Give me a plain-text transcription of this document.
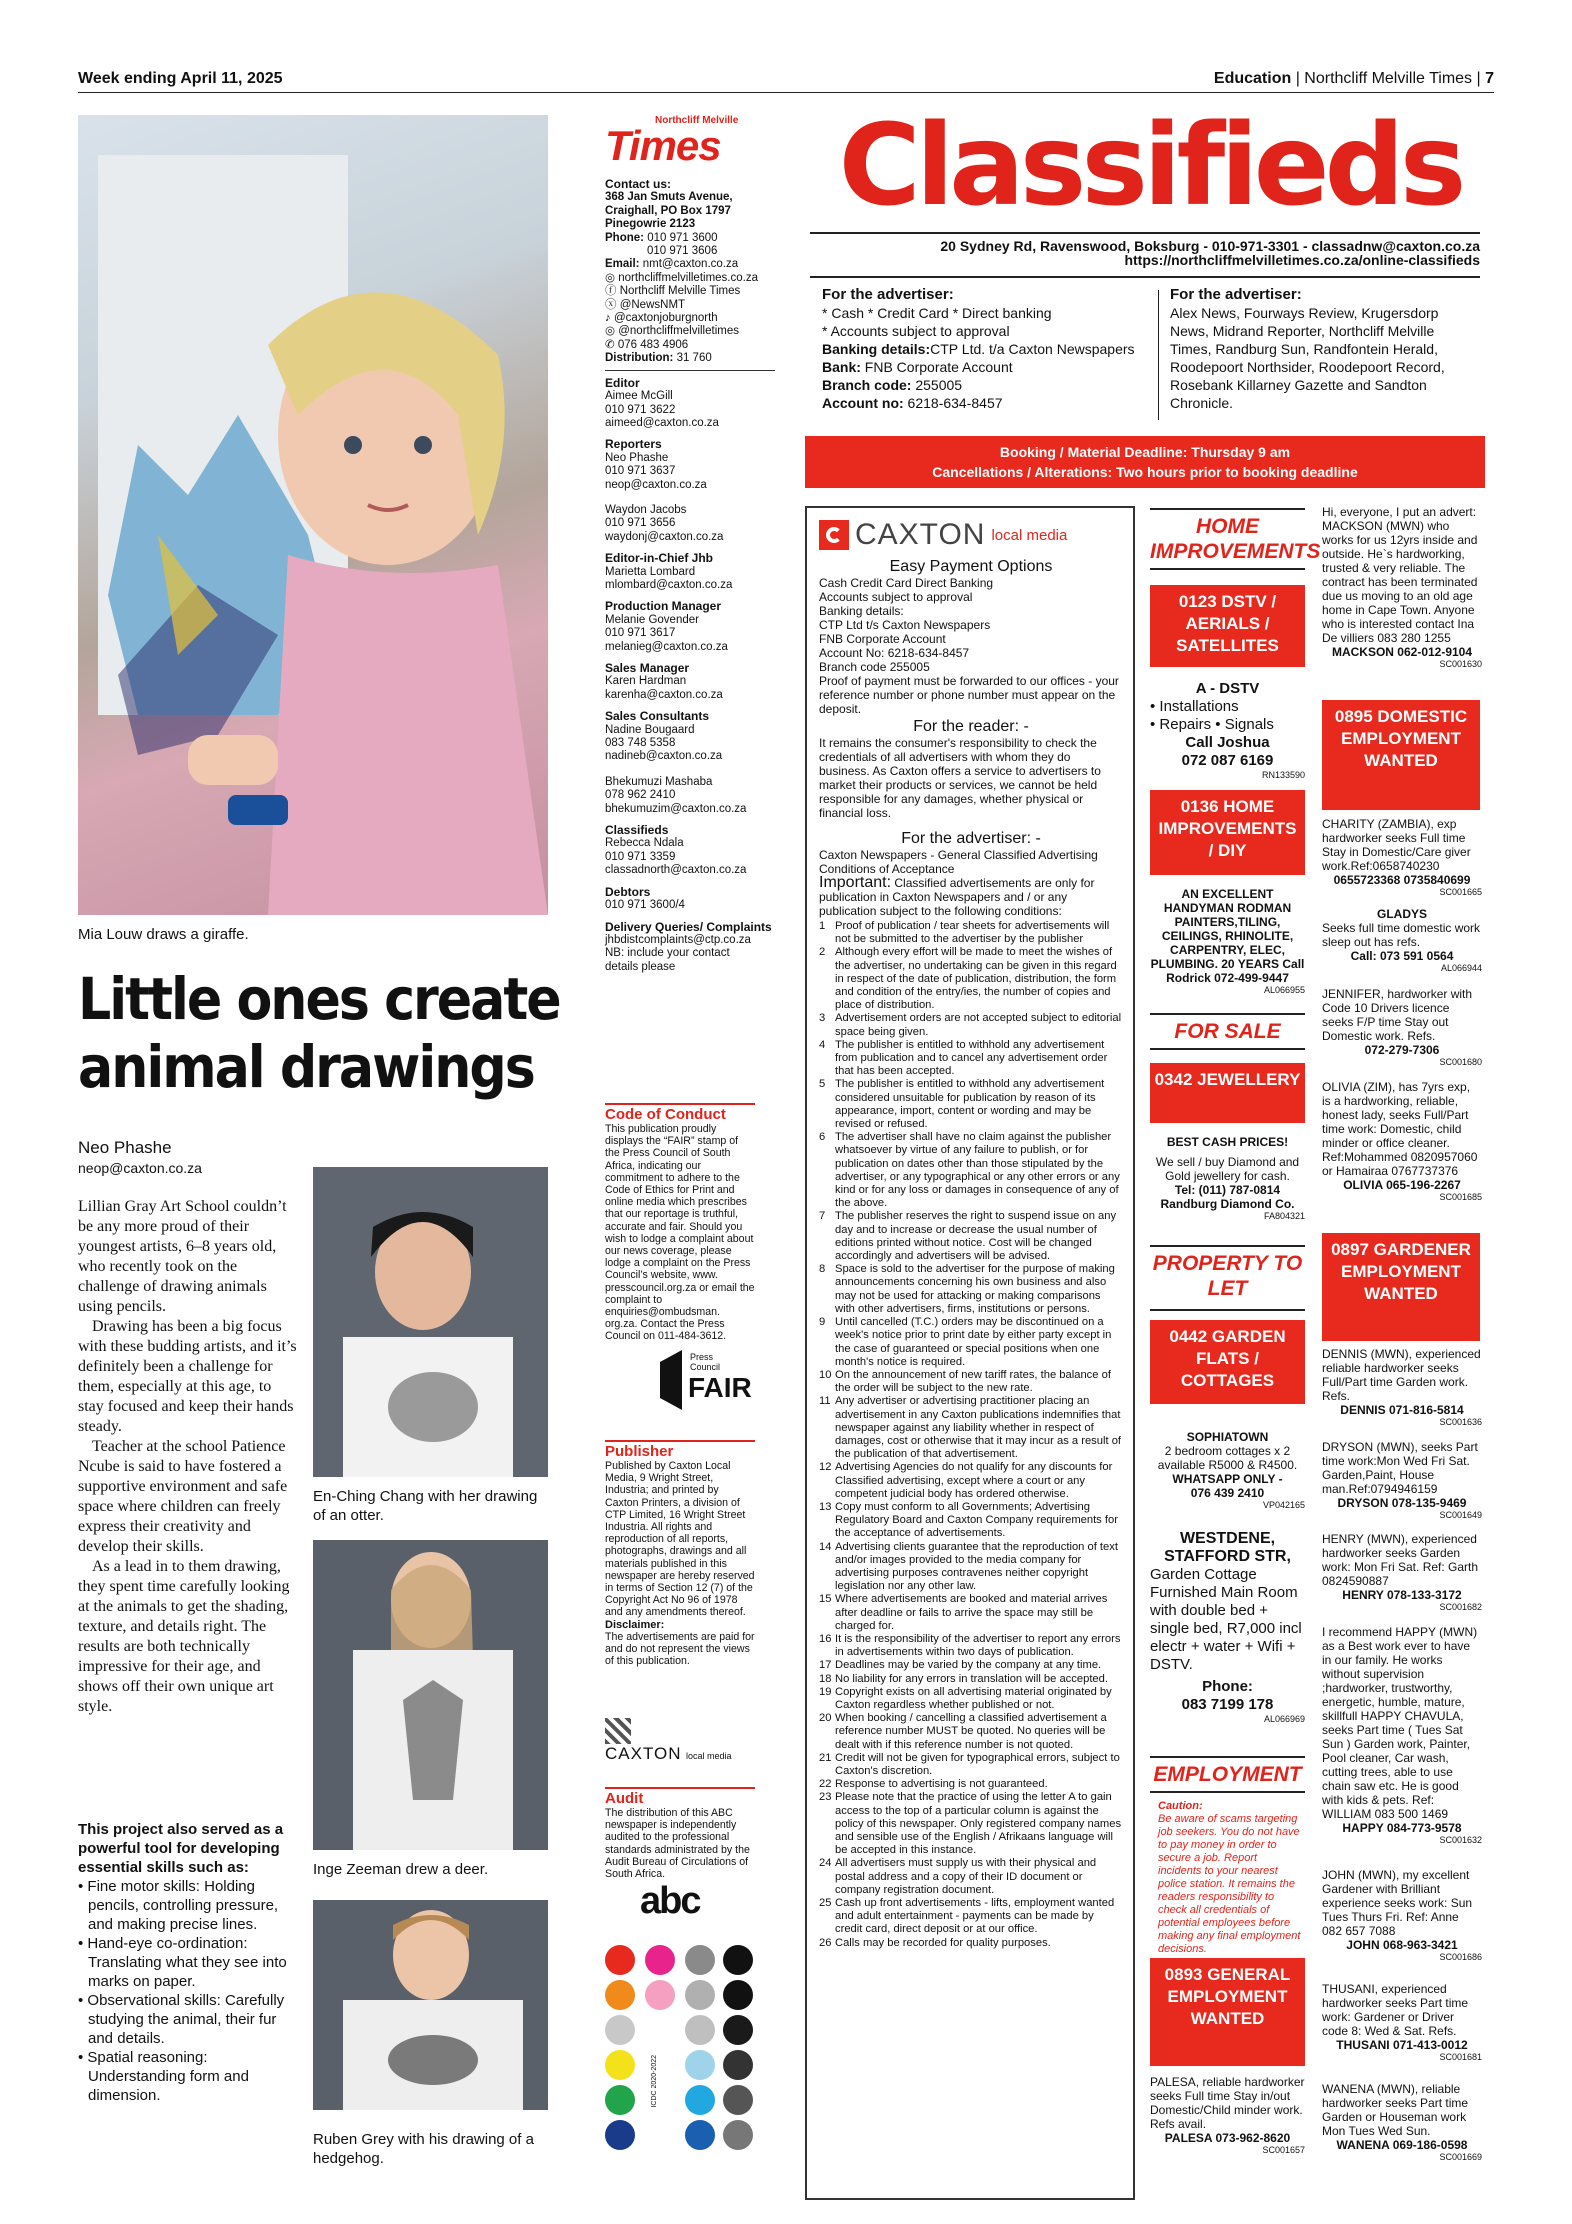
Week ending April 11, 2025	Education | Northcliff Melville Times | 7
Mia Louw draws a giraffe.
Little ones create animal drawings
Neo Phashe
neop@caxton.co.za

Lillian Gray Art School couldn’t be any more proud of their youngest artists, 6–8 years old, who recently took on the challenge of drawing animals using pencils.

Drawing has been a big focus with these budding artists, and it’s definitely been a challenge for them, especially at this age, to stay focused and keep their hands steady.

Teacher at the school Patience Ncube is said to have fostered a supportive environment and safe space where children can freely express their creativity and develop their skills.

As a lead in to them drawing, they spent time carefully looking at the animals to get the shading, texture, and details right. The results are both technically impressive for their age, and shows off their own unique art style.

This project also served as a powerful tool for developing essential skills such as:

• Fine motor skills: Holding pencils, controlling pressure, and making precise lines.
• Hand-eye co-ordination: Translating what they see into marks on paper.
• Observational skills: Carefully studying the animal, their fur and details.
• Spatial reasoning: Understanding form and dimension.
En-Ching Chang with her drawing of an otter.
Inge Zeeman drew a deer.
Ruben Grey with his drawing of a hedgehog.
Northcliff Melville
Times

Contact us:

368 Jan Smuts Avenue,

Craighall, PO Box 1797

Pinegowrie 2123

Phone: 010 971 3600

010 971 3606

Email: nmt@caxton.co.za

◎ northcliffmelvilletimes.co.za

ⓕ Northcliff Melville Times

ⓧ @NewsNMT

♪ @caxtonjoburgnorth

◎ @northcliffmelvilletimes

✆ 076 483 4906

Distribution: 31 760

Editor

Aimee McGill

010 971 3622

aimeed@caxton.co.za

Reporters

Neo Phashe

010 971 3637

neop@caxton.co.za

Waydon Jacobs

010 971 3656

waydonj@caxton.co.za

Editor-in-Chief Jhb

Marietta Lombard

mlombard@caxton.co.za

Production Manager

Melanie Govender

010 971 3617

melanieg@caxton.co.za

Sales Manager

Karen Hardman

karenha@caxton.co.za

Sales Consultants

Nadine Bougaard

083 748 5358

nadineb@caxton.co.za

Bhekumuzi Mashaba

078 962 2410

bhekumuzim@caxton.co.za

Classifieds

Rebecca Ndala

010 971 3359

classadnorth@caxton.co.za

Debtors

010 971 3600/4

Delivery Queries/ Complaints

jhbdistcomplaints@ctp.co.za

NB: include your contact

details please

Code of Conduct
This publication proudly displays the “FAIR” stamp of the Press Council of South Africa, indicating our commitment to adhere to the Code of Ethics for Print and online media which prescribes that our reportage is truthful, accurate and fair. Should you wish to lodge a complaint about our news coverage, please lodge a complaint on the Press Council’s website, www. presscouncil.org.za or email the complaint to enquiries@ombudsman. org.za. Contact the Press Council on 011-484-3612.
Press
Council
FAIR
Publisher
Published by Caxton Local Media, 9 Wright Street, Industria; and printed by Caxton Printers, a division of CTP Limited, 16 Wright Street Industria. All rights and reproduction of all reports, photographs, drawings and all materials published in this newspaper are hereby reserved in terms of Section 12 (7) of the Copyright Act No 96 of 1978 and any amendments thereof.
Disclaimer:
The advertisements are paid for and do not represent the views of this publication.
CAXTON local media
Audit
The distribution of this ABC newspaper is independently audited to the professional standards administrated by the Audit Bureau of Circulations of South Africa.
abc
ICDC 2020-2022
Classifieds
20 Sydney Rd, Ravenswood, Boksburg - 010-971-3301 - classadnw@caxton.co.za
https://northcliffmelvilletimes.co.za/online-classifieds
For the advertiser:
* Cash * Credit Card * Direct banking
* Accounts subject to approval
Banking details:CTP Ltd. t/a Caxton Newspapers
Bank: FNB Corporate Account
Branch code: 255005
Account no: 6218-634-8457
For the advertiser:
Alex News, Fourways Review, Krugersdorp News, Midrand Reporter, Northcliff Melville Times, Randburg Sun, Randfontein Herald, Roodepoort Northsider, Roodepoort Record, Rosebank Killarney Gazette and Sandton Chronicle.
Booking / Material Deadline: Thursday 9 am
Cancellations / Alterations: Two hours prior to booking deadline
CAXTON local media
Easy Payment Options
Cash Credit Card Direct Banking
Accounts subject to approval
Banking details:
CTP Ltd t/s Caxton Newspapers
FNB Corporate Account
Account No: 6218-634-8457
Branch code 255005
Proof of payment must be forwarded to our offices - your reference number or phone number must appear on the deposit.
For the reader: -
It remains the consumer's responsibility to check the credentials of all advertisers with whom they do business. As Caxton offers a service to advertisers to market their products or services, we cannot be held responsible for any damages, whether physical or financial loss.
For the advertiser: -
Caxton Newspapers - General Classified Advertising Conditions of Acceptance
Important: Classified advertisements are only for publication in Caxton Newspapers and / or any publication subject to the following conditions:
1 Proof of publication / tear sheets for advertisements will not be submitted to the advertiser by the publisher
2 Although every effort will be made to meet the wishes of the advertiser, no undertaking can be given in this regard in respect of the date of publication, distribution, the form and condition of the entry/ies, the number of copies and place of distribution.
3 Advertisement orders are not accepted subject to editorial space being given.
4 The publisher is entitled to withhold any advertisement from publication and to cancel any advertisement order that has been accepted.
5 The publisher is entitled to withhold any advertisement considered unsuitable for publication by reason of its appearance, import, content or wording and may be revised or refused.
6 The advertiser shall have no claim against the publisher whatsoever by virtue of any failure to publish, or for publication on dates other than those stipulated by the advertiser, or any typographical or any other errors or any kind or for any loss or damages in consequence of any of the above.
7 The publisher reserves the right to suspend issue on any day and to increase or decrease the usual number of editions printed without notice. Cost will be changed accordingly and advertisers will be advised.
8 Space is sold to the advertiser for the purpose of making announcements concerning his own business and also may not be used for attacking or making comparisons with other advertisers, firms, institutions or persons.
9 Until cancelled (T.C.) orders may be discontinued on a week's notice prior to print date by either party except in the case of guaranteed or special positions when one month's notice is required.
10 On the announcement of new tariff rates, the balance of the order will be subject to the new rate.
11 Any advertiser or advertising practitioner placing an advertisement in any Caxton publications indemnifies that newspaper against any liability whether in respect of damages, cost or otherwise that it may incur as a result of the publication of that advertisement.
12 Advertising Agencies do not qualify for any discounts for Classified advertising, except where a court or any competent judicial body has ordered otherwise.
13 Copy must conform to all Governments; Advertising Regulatory Board and Caxton Company requirements for the acceptance of advertisements.
14 Advertising clients guarantee that the reproduction of text and/or images provided to the media company for advertising purposes contravenes neither copyright legislation nor any other law.
15 Where advertisements are booked and material arrives after deadline or fails to arrive the space may still be charged for.
16 It is the responsibility of the advertiser to report any errors in advertisements within two days of publication.
17 Deadlines may be varied by the company at any time.
18 No liability for any errors in translation will be accepted.
19 Copyright exists on all advertising material originated by Caxton regardless whether published or not.
20 When booking / cancelling a classified advertisement a reference number MUST be quoted. No queries will be dealt with if this reference number is not quoted.
21 Credit will not be given for typographical errors, subject to Caxton's discretion.
22 Response to advertising is not guaranteed.
23 Please note that the practice of using the letter A to gain access to the top of a particular column is against the policy of this newspaper. Only registered company names and sensible use of the English / Afrikaans language will be accepted in this instance.
24 All advertisers must supply us with their physical and postal address and a copy of their ID document or company registration document.
25 Cash up front advertisements - lifts, employment wanted and adult entertainment - payments can be made by credit card, direct deposit or at our office.
26 Calls may be recorded for quality purposes.
HOME IMPROVEMENTS
0123 DSTV / AERIALS / SATELLITES
A - DSTV
• Installations
• Repairs • Signals
Call Joshua
072 087 6169
RN133590
0136 HOME IMPROVEMENTS / DIY
AN EXCELLENT HANDYMAN RODMAN PAINTERS,TILING, CEILINGS, RHINOLITE, CARPENTRY, ELEC, PLUMBING. 20 YEARS Call Rodrick 072-499-9447
AL066955
FOR SALE
0342 JEWELLERY
BEST CASH PRICES!
We sell / buy Diamond and Gold jewellery for cash.
Tel: (011) 787-0814
Randburg Diamond Co.
FA804321
PROPERTY TO LET
0442 GARDEN FLATS / COTTAGES
SOPHIATOWN
2 bedroom cottages x 2 available R5000 & R4500.
WHATSAPP ONLY -
076 439 2410
VP042165
WESTDENE, STAFFORD STR,
Garden Cottage Furnished Main Room with double bed + single bed, R7,000 incl electr + water + Wifi + DSTV.
Phone:
083 7199 178
AL066969
EMPLOYMENT
Caution:
Be aware of scams targeting job seekers. You do not have to pay money in order to secure a job. Report incidents to your nearest police station. It remains the readers responsibility to check all credentials of potential employees before making any final employment decisions.
0893 GENERAL EMPLOYMENT WANTED
PALESA, reliable hardworker seeks Full time Stay in/out Domestic/Child minder work. Refs avail.
PALESA 073-962-8620
SC001657
Hi, everyone, I put an advert: MACKSON (MWN) who works for us 12yrs inside and outside. He`s hardworking, trusted & very reliable. The contract has been terminated due us moving to an old age home in Cape Town. Anyone who is interested contact Ina De villiers 083 280 1255
MACKSON 062-012-9104
SC001630
0895 DOMESTIC EMPLOYMENT WANTED
CHARITY (ZAMBIA), exp hardworker seeks Full time Stay in Domestic/Care giver work.Ref:0658740230
0655723368 0735840699
SC001665
GLADYS
Seeks full time domestic work sleep out has refs.
Call: 073 591 0564
AL066944
JENNIFER, hardworker with Code 10 Drivers licence seeks F/P time Stay out Domestic work. Refs.
072-279-7306
SC001680
OLIVIA (ZIM), has 7yrs exp, is a hardworking, reliable, honest lady, seeks Full/Part time work: Domestic, child minder or office cleaner. Ref:Mohammed 0820957060 or Hamairaa 0767737376
OLIVIA 065-196-2267
SC001685
0897 GARDENER EMPLOYMENT WANTED
DENNIS (MWN), experienced reliable hardworker seeks Full/Part time Garden work. Refs.
DENNIS 071-816-5814
SC001636
DRYSON (MWN), seeks Part time work:Mon Wed Fri Sat. Garden,Paint, House man.Ref:0794946159
DRYSON 078-135-9469
SC001649
HENRY (MWN), experienced hardworker seeks Garden work: Mon Fri Sat. Ref: Garth 0824590887
HENRY 078-133-3172
SC001682
I recommend HAPPY (MWN) as a Best work ever to have in our family. He works without supervision ;hardworker, trustworthy, energetic, humble, mature, skillfull HAPPY CHAVULA, seeks Part time ( Tues Sat Sun ) Garden work, Painter, Pool cleaner, Car wash, cutting trees, able to use chain saw etc. He is good with kids & pets. Ref: WILLIAM 083 500 1469
HAPPY 084-773-9578
SC001632
JOHN (MWN), my excellent Gardener with Brilliant experience seeks work: Sun Tues Thurs Fri. Ref: Anne 082 657 7088
JOHN 068-963-3421
SC001686
THUSANI, experienced hardworker seeks Part time work: Gardener or Driver code 8: Wed & Sat. Refs.
THUSANI 071-413-0012
SC001681
WANENA (MWN), reliable hardworker seeks Part time Garden or Houseman work Mon Tues Wed Sun.
WANENA 069-186-0598
SC001669
